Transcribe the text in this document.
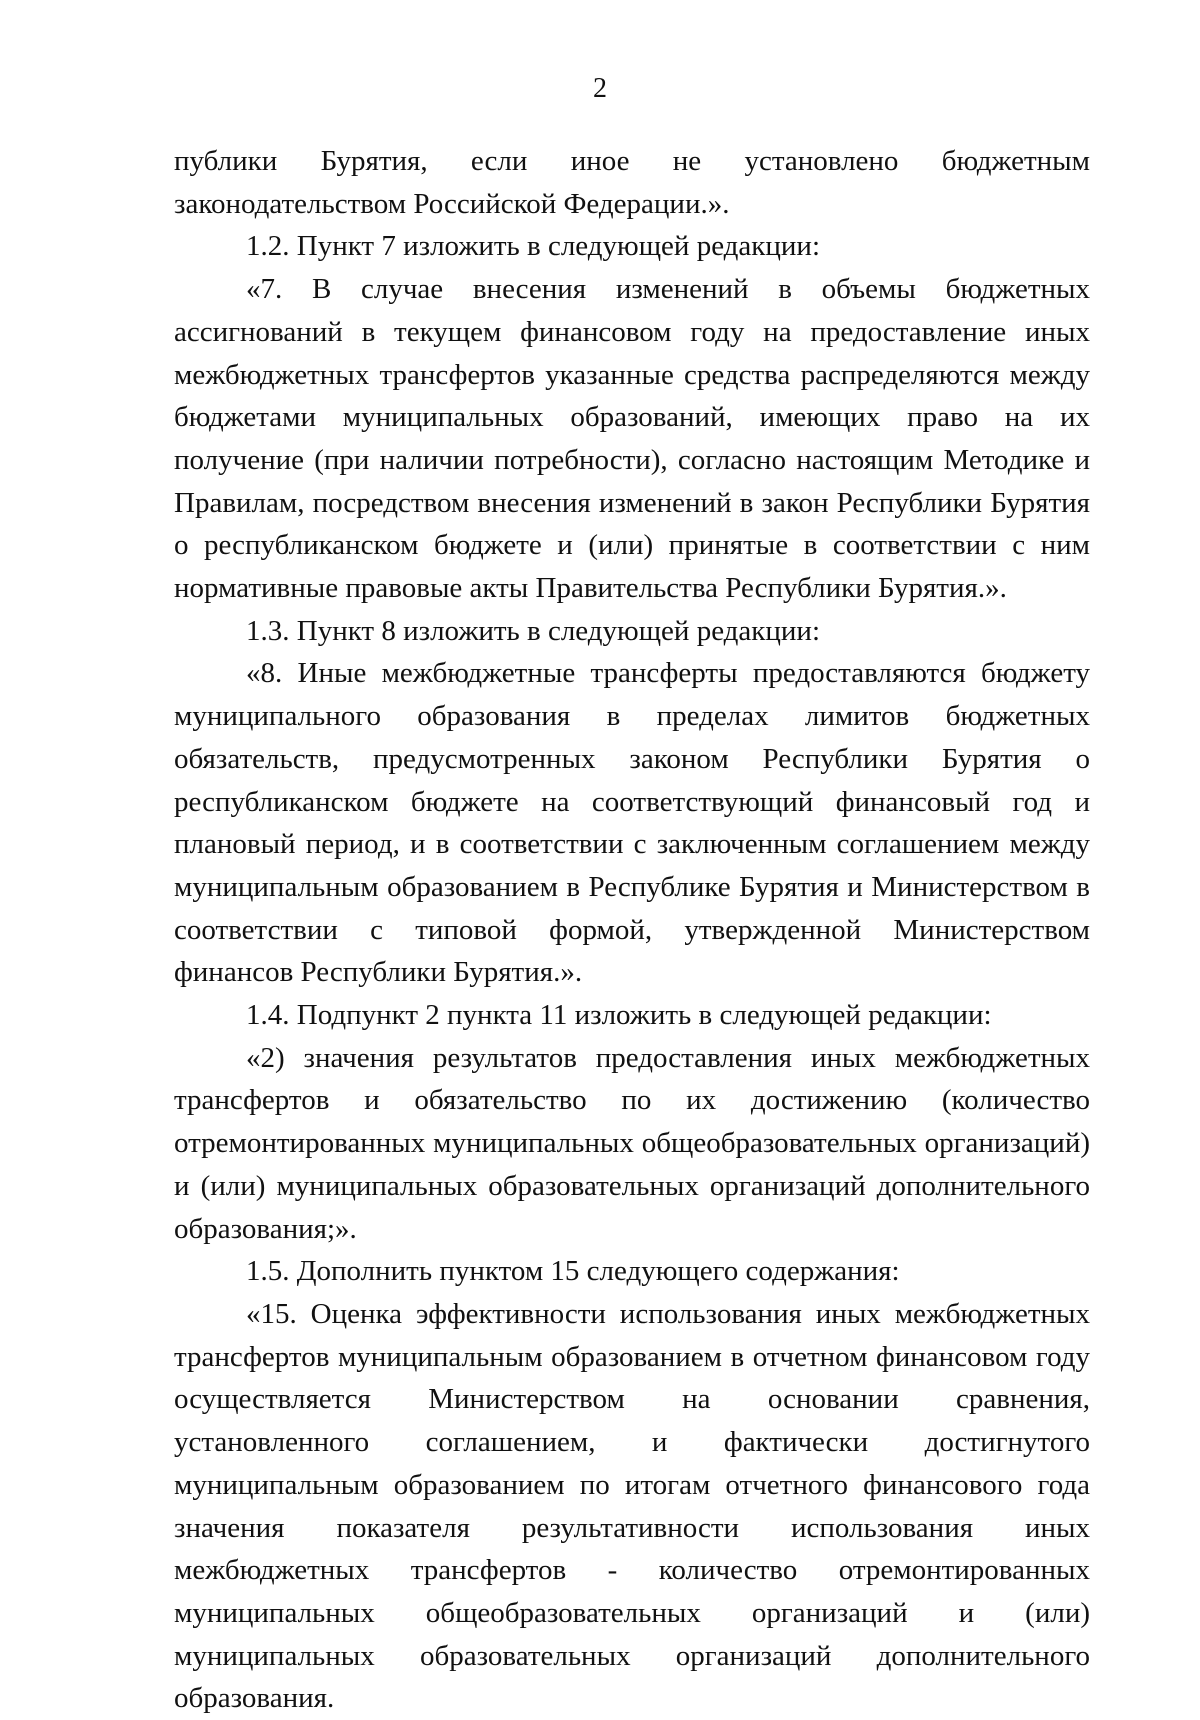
2

публики Бурятия, если иное не установлено бюджетным законодательством Российской Федерации.».

1.2. Пункт 7 изложить в следующей редакции:

«7. В случае внесения изменений в объемы бюджетных ассигнований в текущем финансовом году на предоставление иных межбюджетных трансфертов указанные средства распределяются между бюджетами муниципальных образований, имеющих право на их получение (при наличии потребности), согласно настоящим Методике и Правилам, посредством внесения изменений в закон Республики Бурятия о республиканском бюджете и (или) принятые в соответствии с ним нормативные правовые акты Правительства Республики Бурятия.».

1.3. Пункт 8 изложить в следующей редакции:

«8. Иные межбюджетные трансферты предоставляются бюджету муниципального образования в пределах лимитов бюджетных обязательств, предусмотренных законом Республики Бурятия о республиканском бюджете на соответствующий финансовый год и плановый период, и в соответствии с заключенным соглашением между муниципальным образованием в Республике Бурятия и Министерством в соответствии с типовой формой, утвержденной Министерством финансов Республики Бурятия.».

1.4. Подпункт 2 пункта 11 изложить в следующей редакции:

«2) значения результатов предоставления иных межбюджетных трансфертов и обязательство по их достижению (количество отремонтированных муниципальных общеобразовательных организаций) и (или) муниципальных образовательных организаций дополнительного образования;».

1.5. Дополнить пунктом 15 следующего содержания:

«15. Оценка эффективности использования иных межбюджетных трансфертов муниципальным образованием в отчетном финансовом году осуществляется Министерством на основании сравнения, установленного соглашением, и фактически достигнутого муниципальным образованием по итогам отчетного финансового года значения показателя результативности использования иных межбюджетных трансфертов - количество отремонтированных муниципальных общеобразовательных организаций и (или) муниципальных образовательных организаций дополнительного образования.
